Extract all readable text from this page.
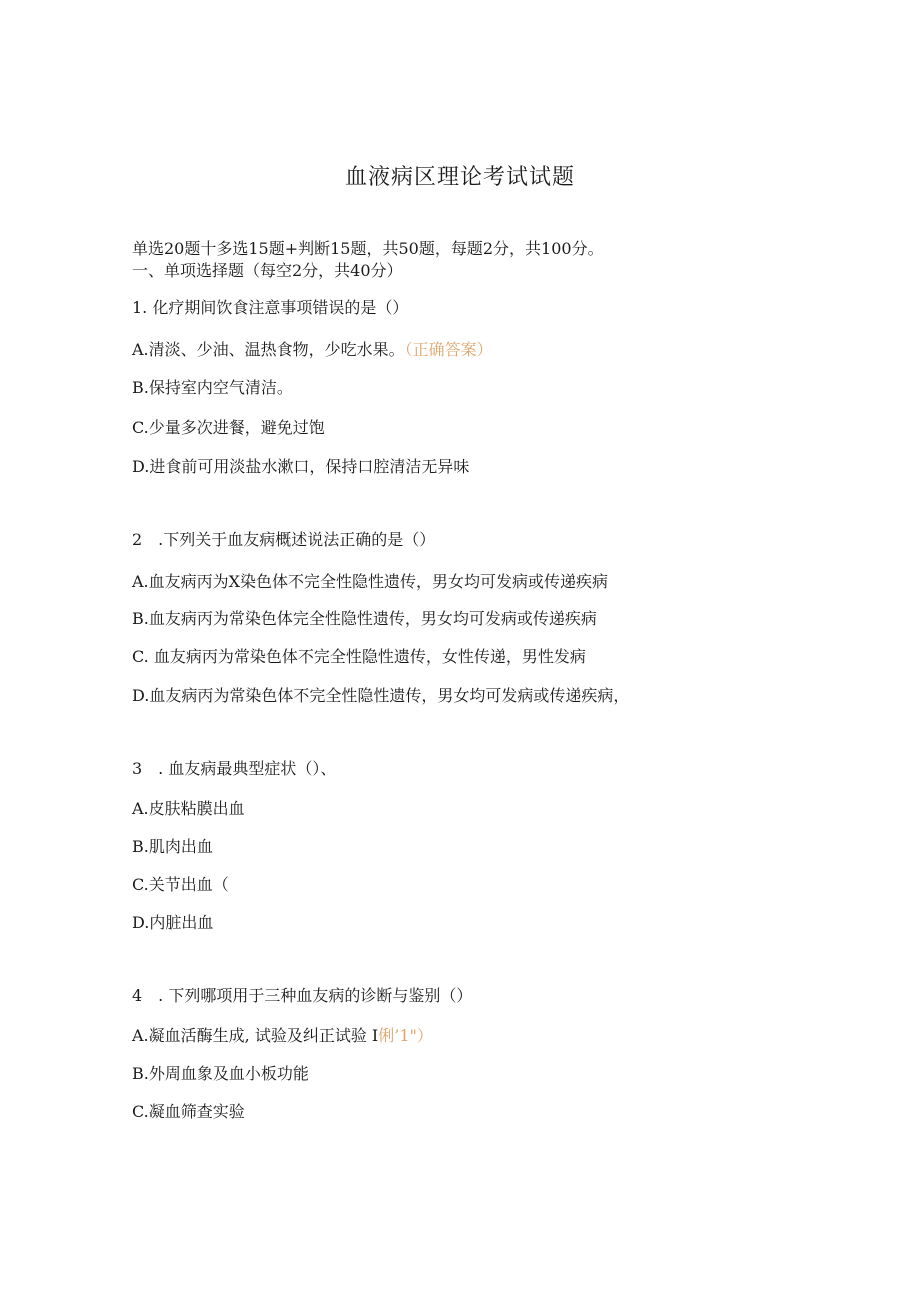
血液病区理论考试试题
单选20题十多选15题+判断15题，共50题，每题2分，共100分。
一、单项选择题（每空2分，共40分）
1. 化疗期间饮食注意事项错误的是（）
A.清淡、少油、温热食物，少吃水果。（正确答案）
B.保持室内空气清洁。
C.少量多次进餐，避免过饱
D.进食前可用淡盐水漱口，保持口腔清洁无异味
2　.下列关于血友病概述说法正确的是（）
A.血友病丙为X染色体不完全性隐性遗传，男女均可发病或传递疾病
B.血友病丙为常染色体完全性隐性遗传，男女均可发病或传递疾病
C. 血友病丙为常染色体不完全性隐性遗传，女性传递，男性发病
D.血友病丙为常染色体不完全性隐性遗传，男女均可发病或传递疾病，
3　. 血友病最典型症状（）、
A.皮肤粘膜出血
B.肌肉出血
C.关节出血（
D.内脏出血
4　. 下列哪项用于三种血友病的诊断与鉴别（）
A.凝血活酶生成, 试验及纠正试验 I俐’1"）
B.外周血象及血小板功能
C.凝血筛查实验
